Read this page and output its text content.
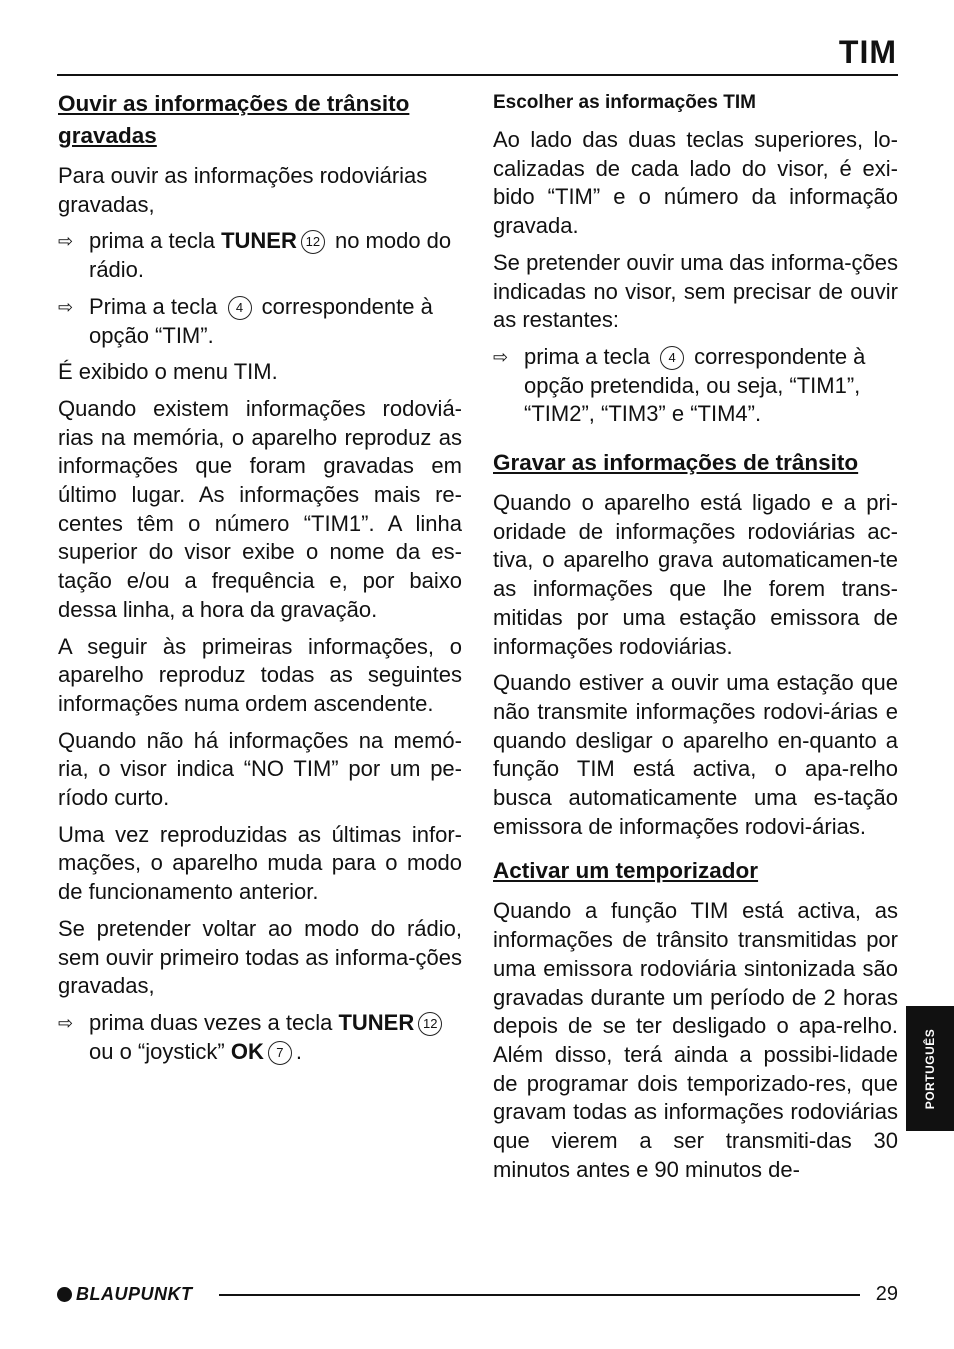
TIM
Ouvir as informações de trânsito gravadas

Para ouvir as informações rodoviárias gravadas,

⇨ prima a tecla TUNER 12 no modo do rádio.
⇨ Prima a tecla 4 correspondente à opção “TIM”.

É exibido o menu TIM.

Quando existem informações rodoviá-rias na memória, o aparelho reproduz as informações que foram gravadas em último lugar. As informações mais re-centes têm o número “TIM1”. A linha superior do visor exibe o nome da es-tação e/ou a frequência e, por baixo dessa linha, a hora da gravação.

A seguir às primeiras informações, o aparelho reproduz todas as seguintes informações numa ordem ascendente.

Quando não há informações na memó-ria, o visor indica “NO TIM” por um pe-ríodo curto.

Uma vez reproduzidas as últimas infor-mações, o aparelho muda para o modo de funcionamento anterior.

Se pretender voltar ao modo do rádio, sem ouvir primeiro todas as informa-ções gravadas,

⇨ prima duas vezes a tecla TUNER 12 ou o “joystick” OK 7 .
Escolher as informações TIM

Ao lado das duas teclas superiores, lo-calizadas de cada lado do visor, é exi-bido “TIM” e o número da informação gravada.

Se pretender ouvir uma das informa-ções indicadas no visor, sem precisar de ouvir as restantes:

⇨ prima a tecla 4 correspondente à opção pretendida, ou seja, “TIM1”, “TIM2”, “TIM3” e “TIM4”.
Gravar as informações de trânsito

Quando o aparelho está ligado e a pri-oridade de informações rodoviárias ac-tiva, o aparelho grava automaticamen-te as informações que lhe forem trans-mitidas por uma estação emissora de informações rodoviárias.

Quando estiver a ouvir uma estação que não transmite informações rodovi-árias e quando desligar o aparelho en-quanto a função TIM está activa, o apa-relho busca automaticamente uma es-tação emissora de informações rodovi-árias.

Activar um temporizador

Quando a função TIM está activa, as informações de trânsito transmitidas por uma emissora rodoviária sintonizada são gravadas durante um período de 2 horas depois de se ter desligado o apa-relho. Além disso, terá ainda a possibi-lidade de programar dois temporizado-res, que gravam todas as informações rodoviárias que vierem a ser transmiti-das 30 minutos antes e 90 minutos de-

PORTUGUÊS
BLAUPUNKT	29
